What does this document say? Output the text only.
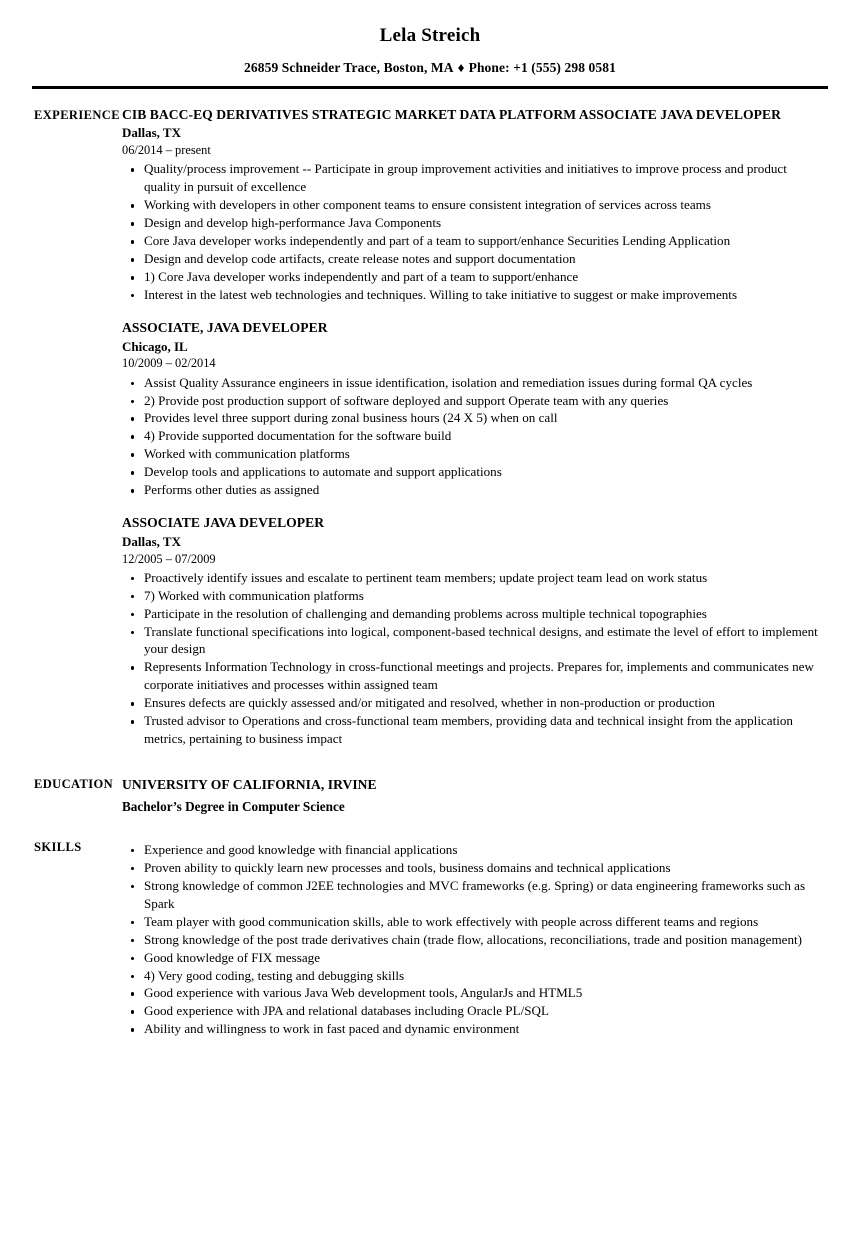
Lela Streich
26859 Schneider Trace, Boston, MA ♦ Phone: +1 (555) 298 0581
EXPERIENCE CIB BACC-EQ DERIVATIVES STRATEGIC MARKET DATA PLATFORM ASSOCIATE JAVA DEVELOPER
Dallas, TX
06/2014 – present
Quality/process improvement -- Participate in group improvement activities and initiatives to improve process and product quality in pursuit of excellence
Working with developers in other component teams to ensure consistent integration of services across teams
Design and develop high-performance Java Components
Core Java developer works independently and part of a team to support/enhance Securities Lending Application
Design and develop code artifacts, create release notes and support documentation
1) Core Java developer works independently and part of a team to support/enhance
Interest in the latest web technologies and techniques. Willing to take initiative to suggest or make improvements
ASSOCIATE, JAVA DEVELOPER
Chicago, IL
10/2009 – 02/2014
Assist Quality Assurance engineers in issue identification, isolation and remediation issues during formal QA cycles
2) Provide post production support of software deployed and support Operate team with any queries
Provides level three support during zonal business hours (24 X 5) when on call
4) Provide supported documentation for the software build
Worked with communication platforms
Develop tools and applications to automate and support applications
Performs other duties as assigned
ASSOCIATE JAVA DEVELOPER
Dallas, TX
12/2005 – 07/2009
Proactively identify issues and escalate to pertinent team members; update project team lead on work status
7) Worked with communication platforms
Participate in the resolution of challenging and demanding problems across multiple technical topographies
Translate functional specifications into logical, component-based technical designs, and estimate the level of effort to implement your design
Represents Information Technology in cross-functional meetings and projects. Prepares for, implements and communicates new corporate initiatives and processes within assigned team
Ensures defects are quickly assessed and/or mitigated and resolved, whether in non-production or production
Trusted advisor to Operations and cross-functional team members, providing data and technical insight from the application metrics, pertaining to business impact
EDUCATION UNIVERSITY OF CALIFORNIA, IRVINE
Bachelor’s Degree in Computer Science
SKILLS	Experience and good knowledge with financial applications
Proven ability to quickly learn new processes and tools, business domains and technical applications
Strong knowledge of common J2EE technologies and MVC frameworks (e.g. Spring) or data engineering frameworks such as Spark
Team player with good communication skills, able to work effectively with people across different teams and regions
Strong knowledge of the post trade derivatives chain (trade flow, allocations, reconciliations, trade and position management)
Good knowledge of FIX message
4) Very good coding, testing and debugging skills
Good experience with various Java Web development tools, AngularJs and HTML5
Good experience with JPA and relational databases including Oracle PL/SQL
Ability and willingness to work in fast paced and dynamic environment
